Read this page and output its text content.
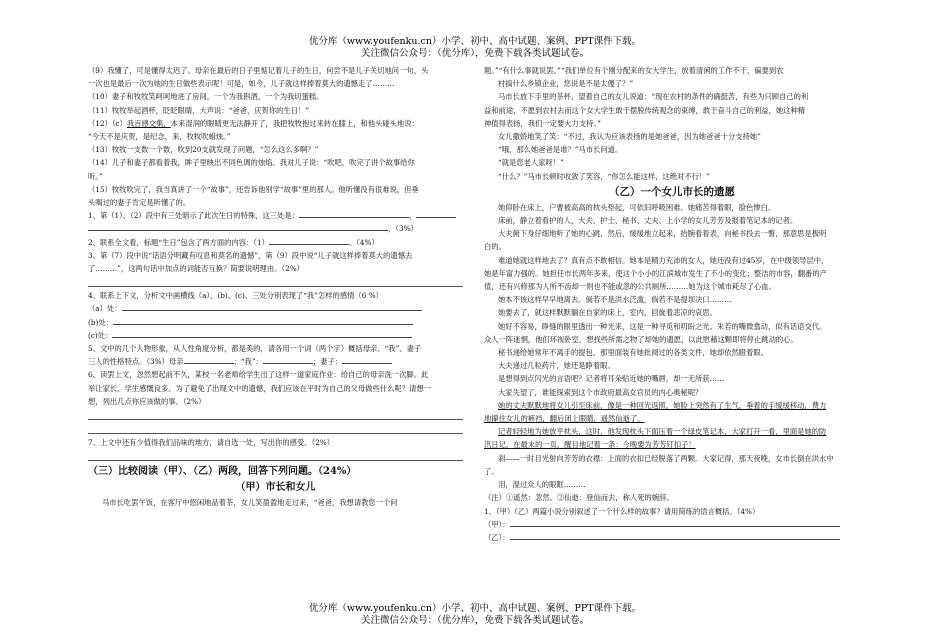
优分库（www.youfenku.cn）小学、初中、高中试题、案例、PPT课件下载。
关注微信公众号：（优分库），免费下载各类试题试卷。

（9）我懂了，可是懂得太迟了。母亲在最后的日子里惦记着儿子的生日，何尝不是儿子关切地问一句，头

一次也是最后一次为她的生日做些表示呢！可是，如今，儿子就这样捧着莫大的遗憾走了………

（10）妻子和牧牧笑呵呵地进了房间，一个为我斟酒，一个为我切蛋糕。

（11）牧牧举起酒杯，眨眨眼睛，大声说：“爸爸，庆贺你的生日！”

（12）（c）我百感交集，本来湿润的眼睛更无法静开了，我把牧牧抱过来转在膝上，和他头碰头地说：

“今天不是庆贺，是纪念，来，牧牧吹蜡烛。”

（13）牧牧一支数一个数，吹到20支就发现了问题，“怎么这么多啊？”

（14）儿子和妻子都看着我，眸子里映出不同色调的烛焰。我对儿子说：“吹吧，吹完了讲个故事给你

听。”

（15）牧牧吹完了，我当真讲了一个“故事”，还告诉他别学“故事”里的那人。他听懂没有很难说，但垂

头喝过的妻子肯定是听懂了的。

1、第（1）、（2）段中有三处暗示了此次生日的特殊，这三处是：	，

，（3%）

2、联系全文看，标题“生日”包含了两方面的内容：（1）	。（4%）

3、第（7）段中说“话语分明藏有叹息和莫名的遗憾”，第（9）段中说“儿子就这样捧着莫大的遗憾去

了………”，这两句话中加点的词能否互换？简要说明理由。（2%）

4、联系上下文，分析文中画横线（a）、(b)、(c)、三处分别表现了“我”怎样的感情（6 %）

（a）处：

(b)处：

(c)处：

5、文中的几个人物形象，从人性角度分析，都是美的，请各用一个词（两个字）概括母亲、“我”、妻子

三人的性格特点。（3%）母亲	；“我”：	；妻子：

6、读罢上文，忽然想起前不久，某校一名老师给学生出了这样一道家庭作业：给自己的母亲洗一次脚。此

举让家长、学生感慨良多。为了避免了出现文中的遗憾，我们应该在平时为自己的父母做些什么呢？请想一

想，列出几点你应该做的事。（2%）

7、上文中还有少值得我们品味的地方，请自选一处，写出你的感受。（2%）

（三）比较阅读（甲）、（乙）两段，回答下列问题。（24%）

（甲）市长和女儿

马市长吃罢午饭，在客厅中悠闲地品着茶，女儿笑盈盈地走过来，“爸爸，我想请教您一个问

题。”“有什么事就说罢。”“我们单位有个刚分配来的女大学生，放着清闲的工作不干，偏要到农

村搞什么乡镇企业，您说是不是太傻了？”

马市长放下手里的茶杯，望着自己的女儿说道：“现在农村的条件的确挺苦，有些为只顾自己的利

益和前途，不愿到农村去而这个女大学生敢于摆脱传统观念的束缚，敢于奋斗自己的利益，她这种精

神值得表扬，我们一定要大力支持。”

女儿撒娇地笑了笑：“不过，我认为应该表扬的是她爸爸，因为她爸爸十分支持她”

“哦，那么她爸爸是谁？”马市长问道。

“就是您老人家呀！”

“什么？”马市长顿时收敛了笑容，“你怎么能这样，这绝对不行！”

（乙）一个女儿市长的遗愿

她仰卧在床上，户曹被高高的枕头垫起，可依旧呼吸困难。她痛苦得着眼，脸色惨白。

床前，静立着看护的人，大夫、护士、秘书、丈夫、上小学的女儿芳芳及报着笔记本的记者。

大夫俯下身仔细地听了她的心跳，然后，缓缓地立起来，抬腕看着表，向秘书投去一瞥，那意思是极明

白的。

难道她就这样地去了？真有点不敢相信。她本是精力充沛的女人，她还没有过45岁，在中级领导层中，

她是年富力强的。她担任市长两年多来，使这个小小的江滨城市发生了不小的变化；整洁的市容，翻番的产

值，还有兴修那为人所不齿却一则也不能或忽的公共厕所………她为这个城市耗尽了心血。

她本不该这样早早地离去。倘若不是洪水泛滥，倘若不是提坝决口………

她要去了，就这样默默躺在自家的床上，室内，回旋着悲凉的哀思。

她好不容易，睁缝的眼里透出一种光来，这是一种寻觅和叨盼之光。朱若的嘴微翕动，似有话语交代。

众人一阵迷惘，他们环视卧室，想找些所需之物了却她的遗愿，以此慰藉这颗即将停止跳动的心。

秘书递给她常年不离手的提包，那里面装有她批阅过的各类文件，她却依然瞪着眼。

大夫递过几粒药片，她还是睁着眼。

是想得到点闪光的言语吧？记者将耳朵贴近她的嘴唇，却一无所获……

大家失望了，谁能探索到这个市政府最高女官员的内心奥秘呢？

她的丈夫默默地将女儿引至床前，像是一种回光返照，她脸上突然有了生气，垂着的手缓缓移动，费力

地攥住女儿的裤裆，翻后闭上眼睛，遥然仙逝了。

记者轻轻地为她放平枕头，这时，他发现枕头下面压着一个绿皮笔记本，大家打开一看，里面是她的防

汛日记，在最末的一页，醒目地记着一条：今晚要为芳芳钉扣子！

刹——一时目光射向芳芳的衣襟：上面的衣扣已经脱落了两颗。大家记得，那天夜晚，女市长倒在洪水中

了。

泪，湿过众人的眼眶………

（注）①遥然：忽然。②仙逝：登仙而去，称人死的婉辞。

1、（甲）（乙）两篇小说分别叙述了一个什么样的故事？请用简练的语言概括。（4%）

（甲）：

（乙）：

优分库（www.youfenku.cn）小学、初中、高中试题、案例、PPT课件下载。
关注微信公众号：（优分库），免费下载各类试题试卷。
